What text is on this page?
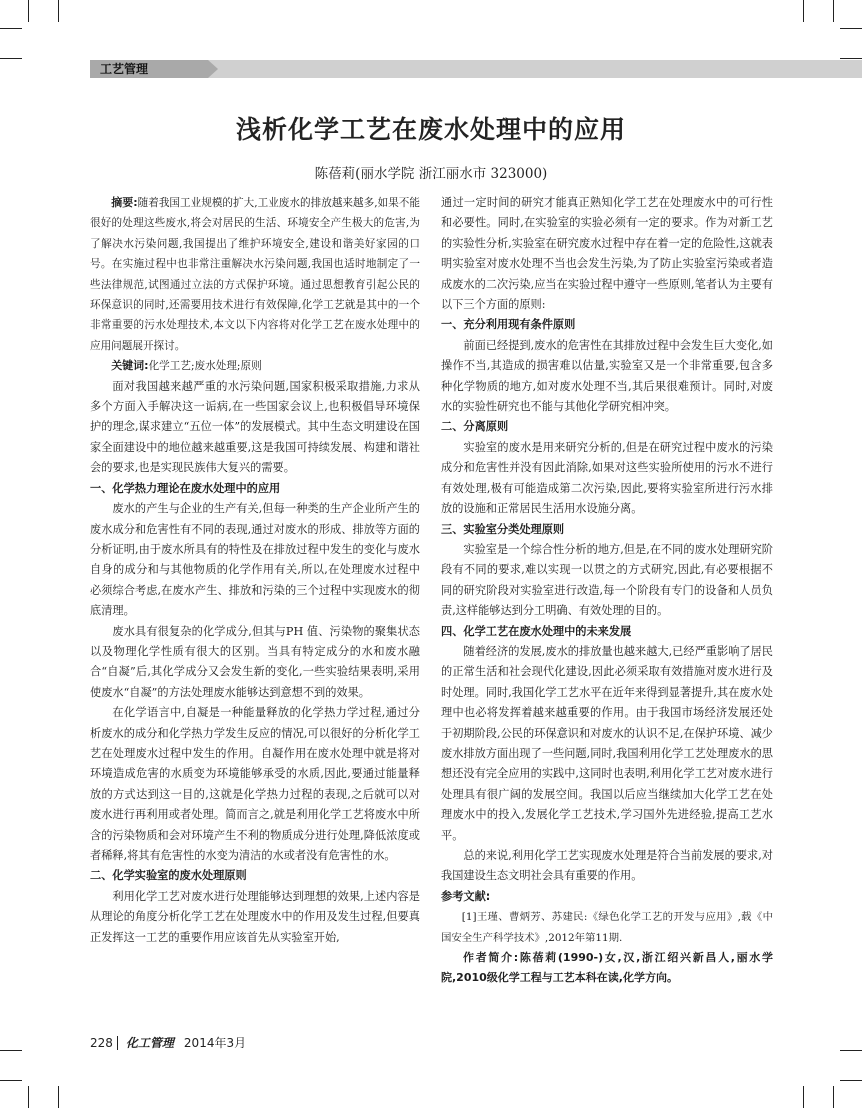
工艺管理
浅析化学工艺在废水处理中的应用
陈蓓莉(丽水学院 浙江丽水市 323000)

摘要:随着我国工业规模的扩大,工业废水的排放越来越多,如果不能很好的处理这些废水,将会对居民的生活、环境安全产生极大的危害,为了解决水污染问题,我国提出了维护环境安全,建设和谐美好家园的口号。在实施过程中也非常注重解决水污染问题,我国也适时地制定了一些法律规范,试图通过立法的方式保护环境。通过思想教育引起公民的环保意识的同时,还需要用技术进行有效保障,化学工艺就是其中的一个非常重要的污水处理技术,本文以下内容将对化学工艺在废水处理中的应用问题展开探讨。

关键词:化学工艺;废水处理;原则

面对我国越来越严重的水污染问题,国家积极采取措施,力求从多个方面入手解决这一诟病,在一些国家会议上,也积极倡导环境保护的理念,谋求建立“五位一体”的发展模式。其中生态文明建设在国家全面建设中的地位越来越重要,这是我国可持续发展、构建和谐社会的要求,也是实现民族伟大复兴的需要。

一、化学热力理论在废水处理中的应用

废水的产生与企业的生产有关,但每一种类的生产企业所产生的废水成分和危害性有不同的表现,通过对废水的形成、排放等方面的分析证明,由于废水所具有的特性及在排放过程中发生的变化与废水自身的成分和与其他物质的化学作用有关,所以,在处理废水过程中必须综合考虑,在废水产生、排放和污染的三个过程中实现废水的彻底清理。

废水具有很复杂的化学成分,但其与PH 值、污染物的聚集状态以及物理化学性质有很大的区别。当具有特定成分的水和废水融合“自凝”后,其化学成分又会发生新的变化,一些实验结果表明,采用使废水“自凝”的方法处理废水能够达到意想不到的效果。

在化学语言中,自凝是一种能量释放的化学热力学过程,通过分析废水的成分和化学热力学发生反应的情况,可以很好的分析化学工艺在处理废水过程中发生的作用。自凝作用在废水处理中就是将对环境造成危害的水质变为环境能够承受的水质,因此,要通过能量释放的方式达到这一目的,这就是化学热力过程的表现,之后就可以对废水进行再利用或者处理。简而言之,就是利用化学工艺将废水中所含的污染物质和会对环境产生不利的物质成分进行处理,降低浓度或者稀释,将其有危害性的水变为清洁的水或者没有危害性的水。

二、化学实验室的废水处理原则

利用化学工艺对废水进行处理能够达到理想的效果,上述内容是从理论的角度分析化学工艺在处理废水中的作用及发生过程,但要真正发挥这一工艺的重要作用应该首先从实验室开始,

通过一定时间的研究才能真正熟知化学工艺在处理废水中的可行性和必要性。同时,在实验室的实验必须有一定的要求。作为对新工艺的实验性分析,实验室在研究废水过程中存在着一定的危险性,这就表明实验室对废水处理不当也会发生污染,为了防止实验室污染或者造成废水的二次污染,应当在实验过程中遵守一些原则,笔者认为主要有以下三个方面的原则:

一、充分利用现有条件原则

前面已经提到,废水的危害性在其排放过程中会发生巨大变化,如操作不当,其造成的损害难以估量,实验室又是一个非常重要,包含多种化学物质的地方,如对废水处理不当,其后果很难预计。同时,对废水的实验性研究也不能与其他化学研究相冲突。

二、分离原则

实验室的废水是用来研究分析的,但是在研究过程中废水的污染成分和危害性并没有因此消除,如果对这些实验所使用的污水不进行有效处理,极有可能造成第二次污染,因此,要将实验室所进行污水排放的设施和正常居民生活用水设施分离。

三、实验室分类处理原则

实验室是一个综合性分析的地方,但是,在不同的废水处理研究阶段有不同的要求,难以实现一以贯之的方式研究,因此,有必要根据不同的研究阶段对实验室进行改造,每一个阶段有专门的设备和人员负责,这样能够达到分工明确、有效处理的目的。

四、化学工艺在废水处理中的未来发展

随着经济的发展,废水的排放量也越来越大,已经严重影响了居民的正常生活和社会现代化建设,因此必须采取有效措施对废水进行及时处理。同时,我国化学工艺水平在近年来得到显著提升,其在废水处理中也必将发挥着越来越重要的作用。由于我国市场经济发展还处于初期阶段,公民的环保意识和对废水的认识不足,在保护环境、减少废水排放方面出现了一些问题,同时,我国利用化学工艺处理废水的思想还没有完全应用的实践中,这同时也表明,利用化学工艺对废水进行处理具有很广阔的发展空间。我国以后应当继续加大化学工艺在处理废水中的投入,发展化学工艺技术,学习国外先进经验,提高工艺水平。

总的来说,利用化学工艺实现废水处理是符合当前发展的要求,对我国建设生态文明社会具有重要的作用。

参考文献:

[1]王瑾、曹炳芳、苏建民:《绿色化学工艺的开发与应用》,载《中国安全生产科学技术》,2012年第11期.

作者简介:陈蓓莉(1990-)女,汉,浙江绍兴新昌人,丽水学院,2010级化学工程与工艺本科在读,化学方向。

228 化工管理 2014年3月
